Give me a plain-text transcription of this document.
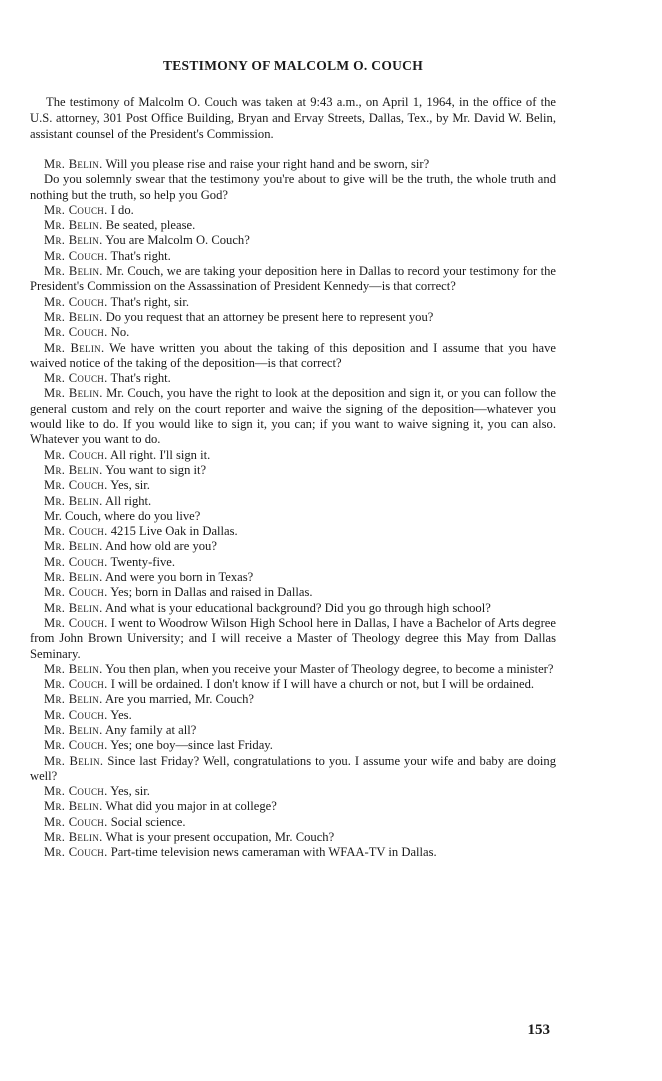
TESTIMONY OF MALCOLM O. COUCH

The testimony of Malcolm O. Couch was taken at 9:43 a.m., on April 1, 1964, in the office of the U.S. attorney, 301 Post Office Building, Bryan and Ervay Streets, Dallas, Tex., by Mr. David W. Belin, assistant counsel of the President's Commission.

Mr. Belin. Will you please rise and raise your right hand and be sworn, sir?

Do you solemnly swear that the testimony you're about to give will be the truth, the whole truth and nothing but the truth, so help you God?

Mr. Couch. I do.

Mr. Belin. Be seated, please.

Mr. Belin. You are Malcolm O. Couch?

Mr. Couch. That's right.

Mr. Belin. Mr. Couch, we are taking your deposition here in Dallas to record your testimony for the President's Commission on the Assassination of President Kennedy—is that correct?

Mr. Couch. That's right, sir.

Mr. Belin. Do you request that an attorney be present here to represent you?

Mr. Couch. No.

Mr. Belin. We have written you about the taking of this deposition and I assume that you have waived notice of the taking of the deposition—is that correct?

Mr. Couch. That's right.

Mr. Belin. Mr. Couch, you have the right to look at the deposition and sign it, or you can follow the general custom and rely on the court reporter and waive the signing of the deposition—whatever you would like to do. If you would like to sign it, you can; if you want to waive signing it, you can also. Whatever you want to do.

Mr. Couch. All right. I'll sign it.

Mr. Belin. You want to sign it?

Mr. Couch. Yes, sir.

Mr. Belin. All right.

Mr. Couch, where do you live?

Mr. Couch. 4215 Live Oak in Dallas.

Mr. Belin. And how old are you?

Mr. Couch. Twenty-five.

Mr. Belin. And were you born in Texas?

Mr. Couch. Yes; born in Dallas and raised in Dallas.

Mr. Belin. And what is your educational background? Did you go through high school?

Mr. Couch. I went to Woodrow Wilson High School here in Dallas, I have a Bachelor of Arts degree from John Brown University; and I will receive a Master of Theology degree this May from Dallas Seminary.

Mr. Belin. You then plan, when you receive your Master of Theology degree, to become a minister?

Mr. Couch. I will be ordained. I don't know if I will have a church or not, but I will be ordained.

Mr. Belin. Are you married, Mr. Couch?

Mr. Couch. Yes.

Mr. Belin. Any family at all?

Mr. Couch. Yes; one boy—since last Friday.

Mr. Belin. Since last Friday? Well, congratulations to you. I assume your wife and baby are doing well?

Mr. Couch. Yes, sir.

Mr. Belin. What did you major in at college?

Mr. Couch. Social science.

Mr. Belin. What is your present occupation, Mr. Couch?

Mr. Couch. Part-time television news cameraman with WFAA-TV in Dallas.

153
